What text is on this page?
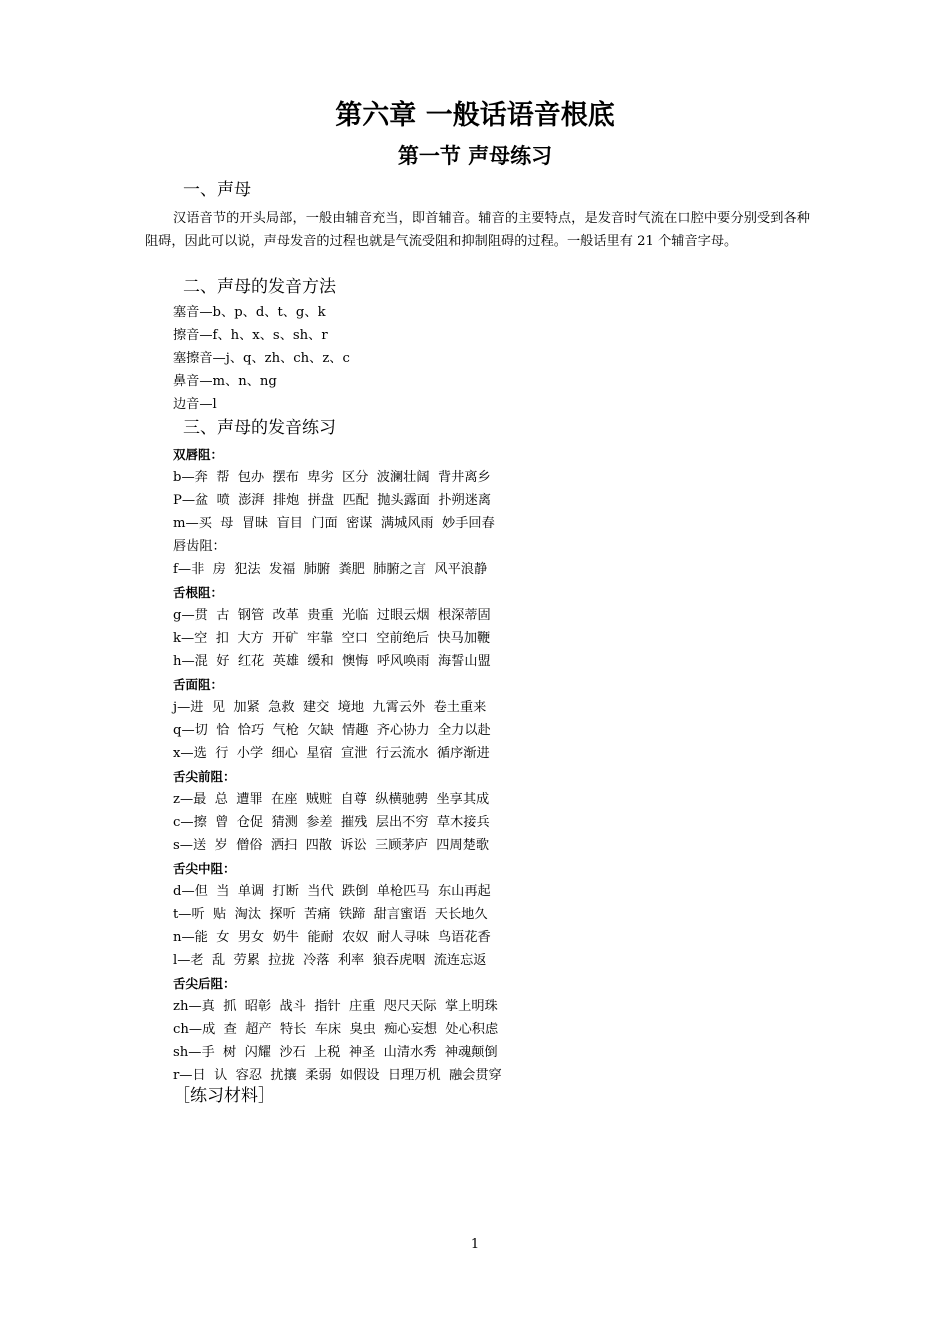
第六章 一般话语音根底
第一节 声母练习
一、声母
汉语音节的开头局部，一般由辅音充当，即首辅音。辅音的主要特点，是发音时气流在口腔中要分别受到各种阻碍，因此可以说，声母发音的过程也就是气流受阻和抑制阻碍的过程。一般话里有 21 个辅音字母。
二、声母的发音方法
塞音—b、p、d、t、g、k
擦音—f、h、x、s、sh、r
塞擦音—j、q、zh、ch、z、c
鼻音—m、n、ng
边音—l
三、声母的发音练习
双唇阻：
b—奔  帮  包办  摆布  卑劣  区分  波澜壮阔  背井离乡
P—盆  喷  澎湃  排炮  拼盘  匹配  抛头露面  扑朔迷离
m—买  母  冒昧  盲目  门面  密谋  满城风雨  妙手回春
唇齿阻：
f—非  房  犯法  发福  肺腑  粪肥  肺腑之言  风平浪静
舌根阻：
g—贯  古  钢管  改革  贵重  光临  过眼云烟  根深蒂固
k—空  扣  大方  开矿  牢靠  空口  空前绝后  快马加鞭
h—混  好  红花  英雄  缓和  懊悔  呼风唤雨  海誓山盟
舌面阻：
j—进  见  加紧  急救  建交  境地  九霄云外  卷土重来
q—切  恰  恰巧  气枪  欠缺  情趣  齐心协力  全力以赴
x—选  行  小学  细心  星宿  宣泄  行云流水  循序渐进
舌尖前阻：
z—最  总  遭罪  在座  贼赃  自尊  纵横驰骋  坐享其成
c—擦  曾  仓促  猜测  参差  摧残  层出不穷  草木接兵
s—送  岁  僧俗  洒扫  四散  诉讼  三顾茅庐  四周楚歌
舌尖中阻：
d—但  当  单调  打断  当代  跌倒  单枪匹马  东山再起
t—听  贴  淘汰  探听  苦痛  铁蹄  甜言蜜语  天长地久
n—能  女  男女  奶牛  能耐  农奴  耐人寻味  鸟语花香
l—老  乱  劳累  拉拢  冷落  利率  狼吞虎咽  流连忘返
舌尖后阻：
zh—真  抓  昭彰  战斗  指针  庄重  咫尺天际  掌上明珠
ch—成  查  超产  特长  车床  臭虫  痴心妄想  处心积虑
sh—手  树  闪耀  沙石  上税  神圣  山清水秀  神魂颠倒
r—日  认  容忍  扰攘  柔弱  如假设  日理万机  融会贯穿
［练习材料］
1
